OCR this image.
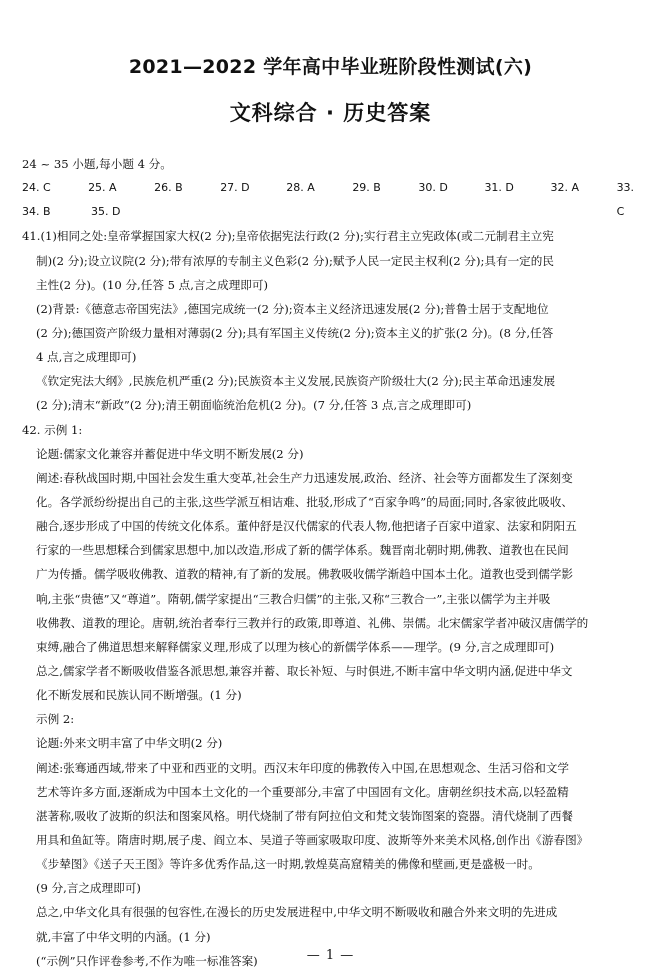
2021—2022 学年高中毕业班阶段性测试(六)
文科综合 · 历史答案
24 ~ 35 小题,每小题 4 分。
24. C	25. A	26. B	27. D	28. A	29. B	30. D	31. D	32. A	33. C
34. B	35. D
41.(1)相同之处:皇帝掌握国家大权(2 分);皇帝依据宪法行政(2 分);实行君主立宪政体(或二元制君主立宪
制)(2 分);设立议院(2 分);带有浓厚的专制主义色彩(2 分);赋予人民一定民主权利(2 分);具有一定的民
主性(2 分)。(10 分,任答 5 点,言之成理即可)
(2)背景:《德意志帝国宪法》,德国完成统一(2 分);资本主义经济迅速发展(2 分);普鲁士居于支配地位
(2 分);德国资产阶级力量相对薄弱(2 分);具有军国主义传统(2 分);资本主义的扩张(2 分)。(8 分,任答
4 点,言之成理即可)
《钦定宪法大纲》,民族危机严重(2 分);民族资本主义发展,民族资产阶级壮大(2 分);民主革命迅速发展
(2 分);清末“新政”(2 分);清王朝面临统治危机(2 分)。(7 分,任答 3 点,言之成理即可)
42. 示例 1:
论题:儒家文化兼容并蓄促进中华文明不断发展(2 分)
阐述:春秋战国时期,中国社会发生重大变革,社会生产力迅速发展,政治、经济、社会等方面都发生了深刻变
化。各学派纷纷提出自己的主张,这些学派互相诘难、批驳,形成了“百家争鸣”的局面;同时,各家彼此吸收、
融合,逐步形成了中国的传统文化体系。董仲舒是汉代儒家的代表人物,他把诸子百家中道家、法家和阴阳五
行家的一些思想糅合到儒家思想中,加以改造,形成了新的儒学体系。魏晋南北朝时期,佛教、道教也在民间
广为传播。儒学吸收佛教、道教的精神,有了新的发展。佛教吸收儒学渐趋中国本土化。道教也受到儒学影
响,主张“贵德”又“尊道”。隋朝,儒学家提出“三教合归儒”的主张,又称“三教合一”,主张以儒学为主并吸
收佛教、道教的理论。唐朝,统治者奉行三教并行的政策,即尊道、礼佛、崇儒。北宋儒家学者冲破汉唐儒学的
束缚,融合了佛道思想来解释儒家义理,形成了以理为核心的新儒学体系——理学。(9 分,言之成理即可)
总之,儒家学者不断吸收借鉴各派思想,兼容并蓄、取长补短、与时俱进,不断丰富中华文明内涵,促进中华文
化不断发展和民族认同不断增强。(1 分)
示例 2:
论题:外来文明丰富了中华文明(2 分)
阐述:张骞通西域,带来了中亚和西亚的文明。西汉末年印度的佛教传入中国,在思想观念、生活习俗和文学
艺术等许多方面,逐渐成为中国本土文化的一个重要部分,丰富了中国固有文化。唐朝丝织技术高,以轻盈精
湛著称,吸收了波斯的织法和图案风格。明代烧制了带有阿拉伯文和梵文装饰图案的瓷器。清代烧制了西餐
用具和鱼缸等。隋唐时期,展子虔、阎立本、吴道子等画家吸取印度、波斯等外来美术风格,创作出《游春图》
《步辇图》《送子天王图》等许多优秀作品,这一时期,敦煌莫高窟精美的佛像和壁画,更是盛极一时。
(9 分,言之成理即可)
总之,中华文化具有很强的包容性,在漫长的历史发展进程中,中华文明不断吸收和融合外来文明的先进成
就,丰富了中华文明的内涵。(1 分)
(“示例”只作评卷参考,不作为唯一标准答案)	— 1 —
